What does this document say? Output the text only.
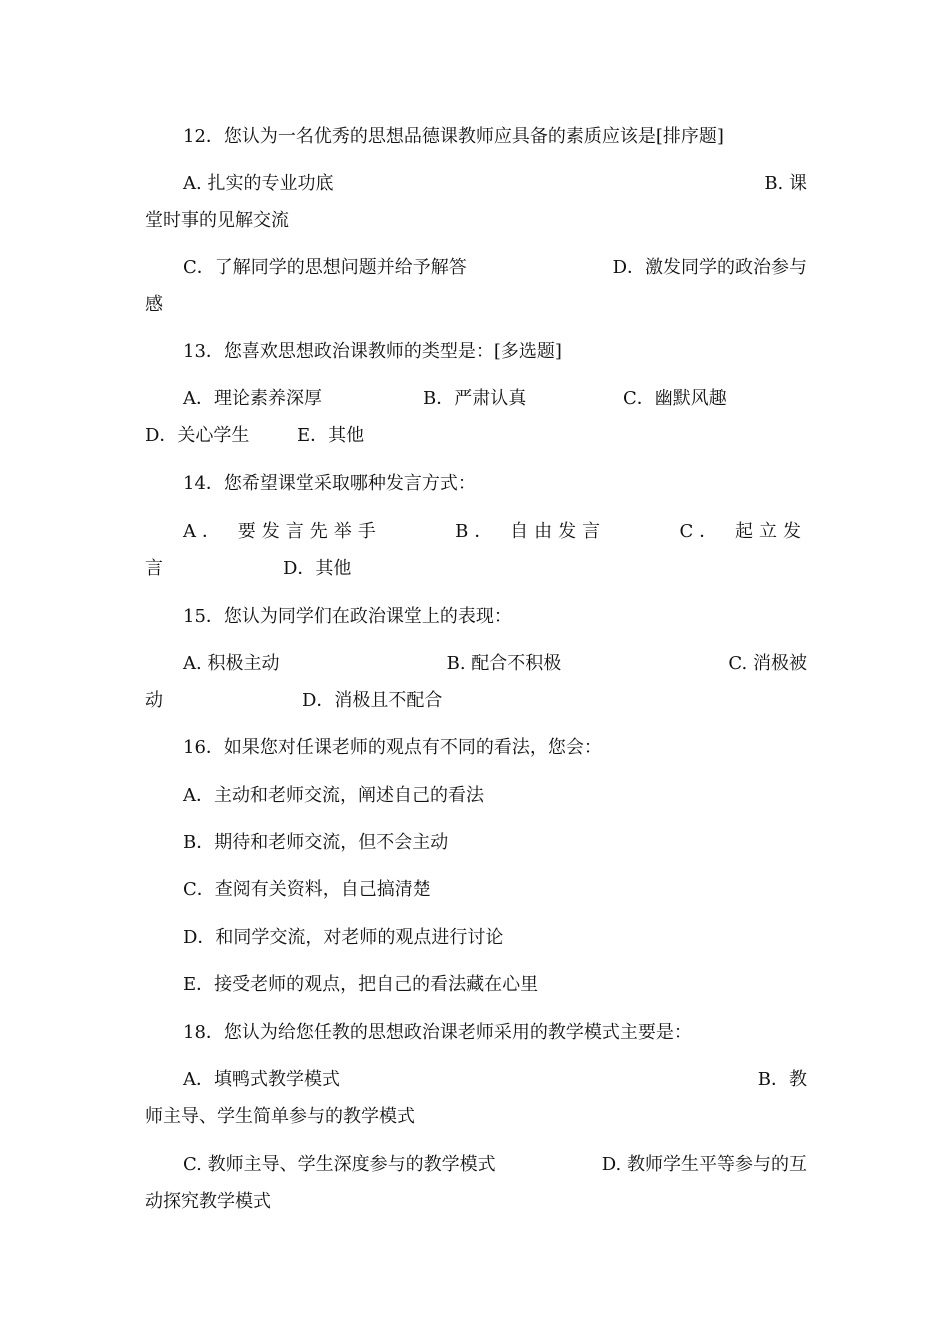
12．您认为一名优秀的思想品德课教师应具备的素质应该是[排序题]
A. 扎实的专业功底	B. 课
堂时事的见解交流
C．了解同学的思想问题并给予解答	D．激发同学的政治参与
感
13．您喜欢思想政治课教师的类型是：[多选题]
A．理论素养深厚	B．严肃认真	C．幽默风趣
D．关心学生	E．其他
14．您希望课堂采取哪种发言方式：
A． 要发言先举手	B． 自由发言	C． 起立发
言	D．其他
15．您认为同学们在政治课堂上的表现：
A. 积极主动	B. 配合不积极	C. 消极被
动	D．消极且不配合
16．如果您对任课老师的观点有不同的看法，您会：
A．主动和老师交流，阐述自己的看法
B．期待和老师交流，但不会主动
C．查阅有关资料，自己搞清楚
D．和同学交流，对老师的观点进行讨论
E．接受老师的观点，把自己的看法藏在心里
18．您认为给您任教的思想政治课老师采用的教学模式主要是：
A．填鸭式教学模式	B．教
师主导、学生简单参与的教学模式
C. 教师主导、学生深度参与的教学模式	D. 教师学生平等参与的互
动探究教学模式
